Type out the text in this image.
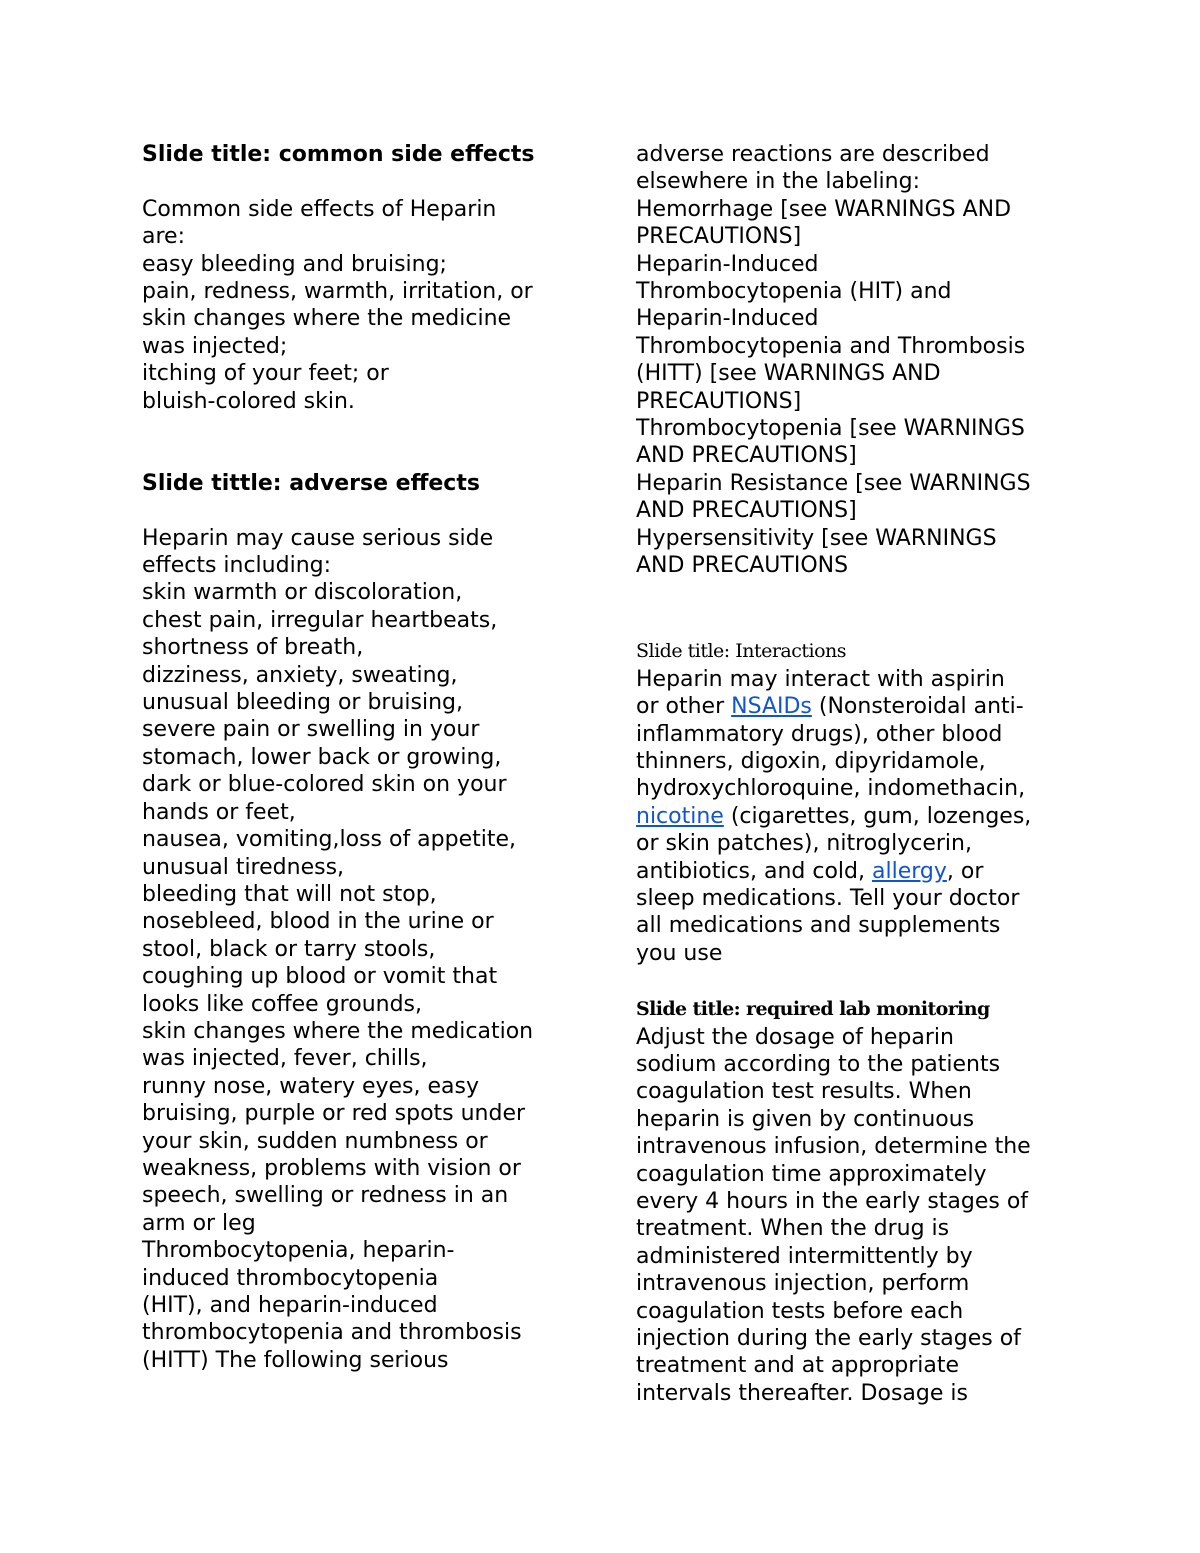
Slide title: common side effects
Common side effects of Heparin
are:
easy bleeding and bruising;
pain, redness, warmth, irritation, or
skin changes where the medicine
was injected;
itching of your feet; or
bluish-colored skin.
Slide tittle: adverse effects
Heparin may cause serious side
effects including:
skin warmth or discoloration,
chest pain, irregular heartbeats,
shortness of breath,
dizziness, anxiety, sweating,
unusual bleeding or bruising,
severe pain or swelling in your
stomach, lower back or growing,
dark or blue-colored skin on your
hands or feet,
nausea, vomiting,loss of appetite,
unusual tiredness,
bleeding that will not stop,
nosebleed, blood in the urine or
stool, black or tarry stools,
coughing up blood or vomit that
looks like coffee grounds,
skin changes where the medication
was injected, fever, chills,
runny nose, watery eyes, easy
bruising, purple or red spots under
your skin, sudden numbness or
weakness, problems with vision or
speech, swelling or redness in an
arm or leg
Thrombocytopenia, heparin-
induced thrombocytopenia
(HIT), and heparin-induced
thrombocytopenia and thrombosis
(HITT) The following serious
adverse reactions are described
elsewhere in the labeling:
Hemorrhage [see WARNINGS AND
PRECAUTIONS]
Heparin-Induced
Thrombocytopenia (HIT) and
Heparin-Induced
Thrombocytopenia and Thrombosis
(HITT) [see WARNINGS AND
PRECAUTIONS]
Thrombocytopenia [see WARNINGS
AND PRECAUTIONS]
Heparin Resistance [see WARNINGS
AND PRECAUTIONS]
Hypersensitivity [see WARNINGS
AND PRECAUTIONS
Slide title: Interactions
Heparin may interact with aspirin
or other NSAIDs (Nonsteroidal anti-
inflammatory drugs), other blood
thinners, digoxin, dipyridamole,
hydroxychloroquine, indomethacin,
nicotine (cigarettes, gum, lozenges,
or skin patches), nitroglycerin,
antibiotics, and cold, allergy, or
sleep medications. Tell your doctor
all medications and supplements
you use
Slide title: required lab monitoring
Adjust the dosage of heparin
sodium according to the patients
coagulation test results. When
heparin is given by continuous
intravenous infusion, determine the
coagulation time approximately
every 4 hours in the early stages of
treatment. When the drug is
administered intermittently by
intravenous injection, perform
coagulation tests before each
injection during the early stages of
treatment and at appropriate
intervals thereafter. Dosage is
